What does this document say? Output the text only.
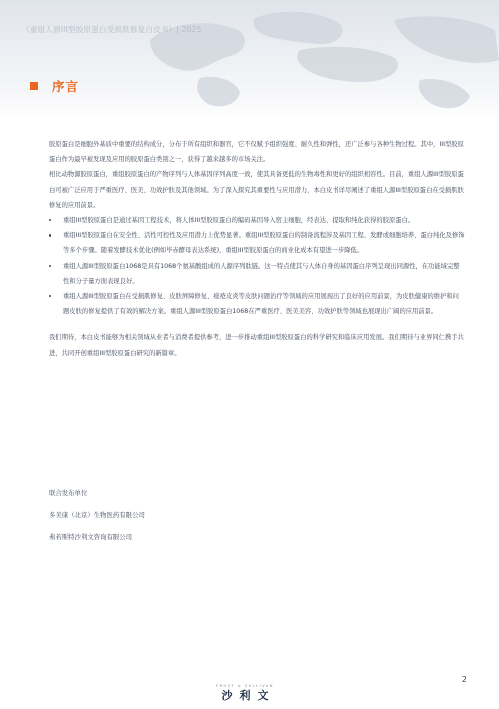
《重组人源III型胶原蛋白受损肌修复白皮书》| 2025
序言

胶原蛋白是细胞外基质中重要的结构成分，分布于所有组织和器官，它不仅赋予组织强度、耐久性和弹性，还广泛参与各种生物过程。其中，III型胶原蛋白作为最早被发现及应用的胶原蛋白类别之一，获得了越来越多的市场关注。

相比动物源胶原蛋白，重组胶原蛋白的产物序列与人体基因序列高度一致，使其具备更低的生物毒性和更好的组织相容性。目前，重组人源III型胶原蛋白可被广泛应用于严重医疗、医美、功效护肤及其他领域。为了深入探究其重要性与应用潜力，本白皮书详尽阐述了重组人源III型胶原蛋白在受损肌肤修复的应用前景。

重组III型胶原蛋白是通过基因工程技术，将人体III型胶原蛋白的编码基因导入宿主细胞，经表达、提取和纯化获得的胶原蛋白。
重组III型胶原蛋白在安全性、活性可控性及应用潜力上优势显著。重组III型胶原蛋白的制备流程涉及基因工程、发酵或细胞培养、蛋白纯化及修饰等多个步骤。随着发酵技术优化(例如毕赤酵母表达系统)，重组III型胶原蛋白的商业化成本有望进一步降低。
重组人源III型胶原蛋白1068是具有1068个氨基酸组成的人源序列肽链。这一特点使其与人体自身的基因蛋白序列呈现出同源性，在功能域完整性和分子量方面表现良好。
重组人源III型胶原蛋白在受损肌修复、皮肤屏障修复、痤疮皮炎等皮肤问题治疗等领域的应用展现出了良好的应用前景，为皮肤健康的维护和问题皮肤的修复提供了有效的解决方案。重组人源III型胶原蛋白1068在严重医疗、医美美容、功效护肤等领域也展现出广阔的应用前景。

我们期待，本白皮书能够为相关领域从业者与消费者提供参考，进一步推动重组III型胶原蛋白的科学研究和临床应用发展。我们期待与业界同仁携手共进，共同开创重组III型胶原蛋白研究的新篇章。

联合发布单位
多美康（北京）生物医药有限公司
弗若斯特沙利文咨询有限公司
2
FROST & SULLIVAN
沙利文
